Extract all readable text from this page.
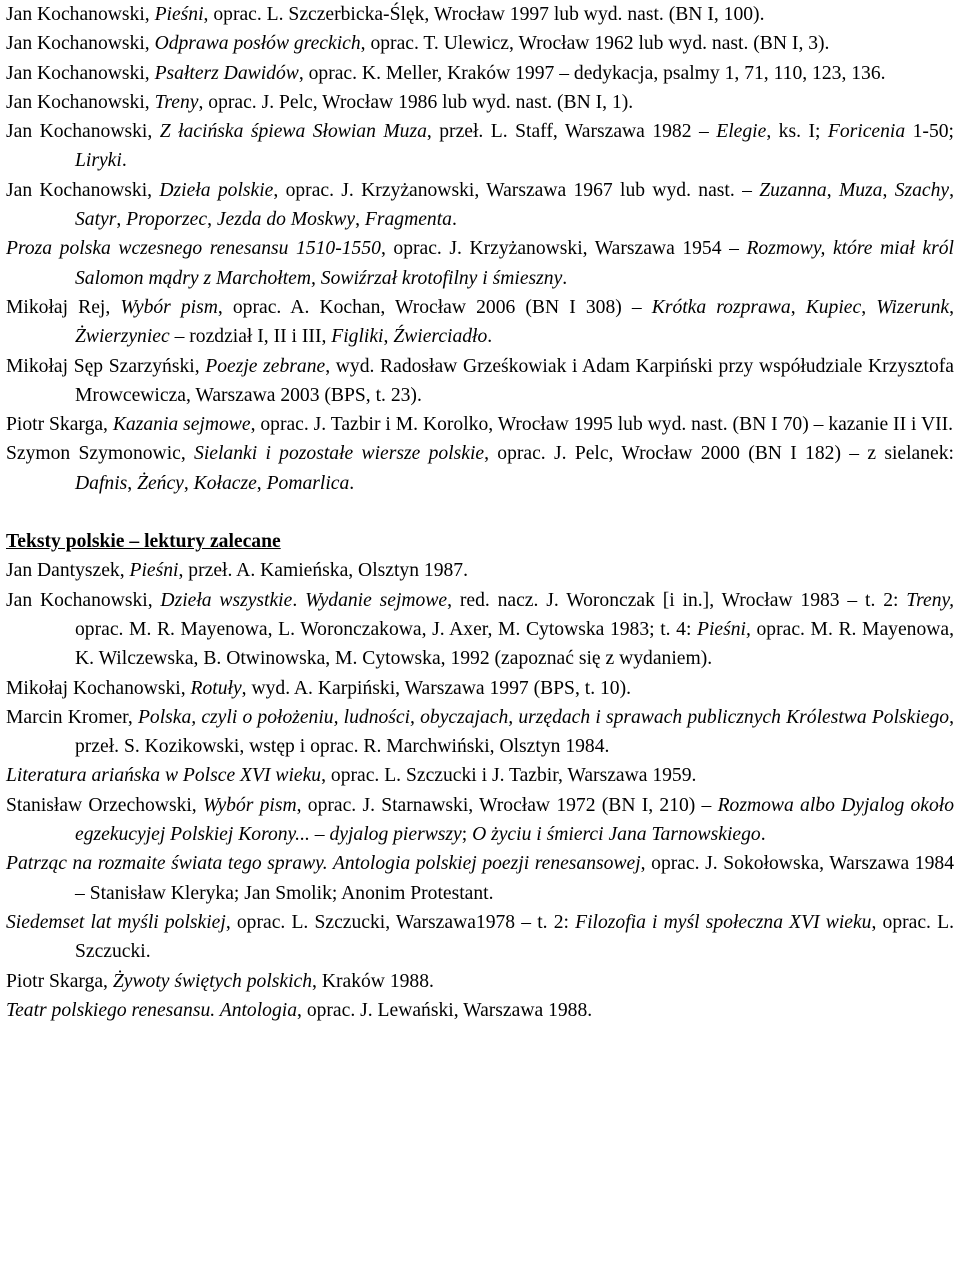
Jan Kochanowski, Pieśni, oprac. L. Szczerbicka-Ślęk, Wrocław 1997 lub wyd. nast. (BN I, 100).
Jan Kochanowski, Odprawa posłów greckich, oprac. T. Ulewicz, Wrocław 1962 lub wyd. nast. (BN I, 3).
Jan Kochanowski, Psałterz Dawidów, oprac. K. Meller, Kraków 1997 – dedykacja, psalmy 1, 71, 110, 123, 136.
Jan Kochanowski, Treny, oprac. J. Pelc, Wrocław 1986 lub wyd. nast. (BN I, 1).
Jan Kochanowski, Z łacińska śpiewa Słowian Muza, przeł. L. Staff, Warszawa 1982 – Elegie, ks. I; Foricenia 1-50; Liryki.
Jan Kochanowski, Dzieła polskie, oprac. J. Krzyżanowski, Warszawa 1967 lub wyd. nast. – Zuzanna, Muza, Szachy, Satyr, Proporzec, Jezda do Moskwy, Fragmenta.
Proza polska wczesnego renesansu 1510-1550, oprac. J. Krzyżanowski, Warszawa 1954 – Rozmowy, które miał król Salomon mądry z Marchołtem, Sowiźrzał krotofilny i śmieszny.
Mikołaj Rej, Wybór pism, oprac. A. Kochan, Wrocław 2006 (BN I 308) – Krótka rozprawa, Kupiec, Wizerunk, Żwierzyniec – rozdział I, II i III, Figliki, Źwierciadło.
Mikołaj Sęp Szarzyński, Poezje zebrane, wyd. Radosław Grześkowiak i Adam Karpiński przy współudziale Krzysztofa Mrowcewicza, Warszawa 2003 (BPS, t. 23).
Piotr Skarga, Kazania sejmowe, oprac. J. Tazbir i M. Korolko, Wrocław 1995 lub wyd. nast. (BN I 70) – kazanie II i VII.
Szymon Szymonowic, Sielanki i pozostałe wiersze polskie, oprac. J. Pelc, Wrocław 2000 (BN I 182) – z sielanek: Dafnis, Żeńcy, Kołacze, Pomarlica.
Teksty polskie – lektury zalecane
Jan Dantyszek, Pieśni, przeł. A. Kamieńska, Olsztyn 1987.
Jan Kochanowski, Dzieła wszystkie. Wydanie sejmowe, red. nacz. J. Woronczak [i in.], Wrocław 1983 – t. 2: Treny, oprac. M. R. Mayenowa, L. Woronczakowa, J. Axer, M. Cytowska 1983; t. 4: Pieśni, oprac. M. R. Mayenowa, K. Wilczewska, B. Otwinowska, M. Cytowska, 1992 (zapoznać się z wydaniem).
Mikołaj Kochanowski, Rotuły, wyd. A. Karpiński, Warszawa 1997 (BPS, t. 10).
Marcin Kromer, Polska, czyli o położeniu, ludności, obyczajach, urzędach i sprawach publicznych Królestwa Polskiego, przeł. S. Kozikowski, wstęp i oprac. R. Marchwiński, Olsztyn 1984.
Literatura ariańska w Polsce XVI wieku, oprac. L. Szczucki i J. Tazbir, Warszawa 1959.
Stanisław Orzechowski, Wybór pism, oprac. J. Starnawski, Wrocław 1972 (BN I, 210) – Rozmowa albo Dyjalog około egzekucyjej Polskiej Korony... – dyjalog pierwszy; O życiu i śmierci Jana Tarnowskiego.
Patrząc na rozmaite świata tego sprawy. Antologia polskiej poezji renesansowej, oprac. J. Sokołowska, Warszawa 1984 – Stanisław Kleryka; Jan Smolik; Anonim Protestant.
Siedemset lat myśli polskiej, oprac. L. Szczucki, Warszawa1978 – t. 2: Filozofia i myśl społeczna XVI wieku, oprac. L. Szczucki.
Piotr Skarga, Żywoty świętych polskich, Kraków 1988.
Teatr polskiego renesansu. Antologia, oprac. J. Lewański, Warszawa 1988.
